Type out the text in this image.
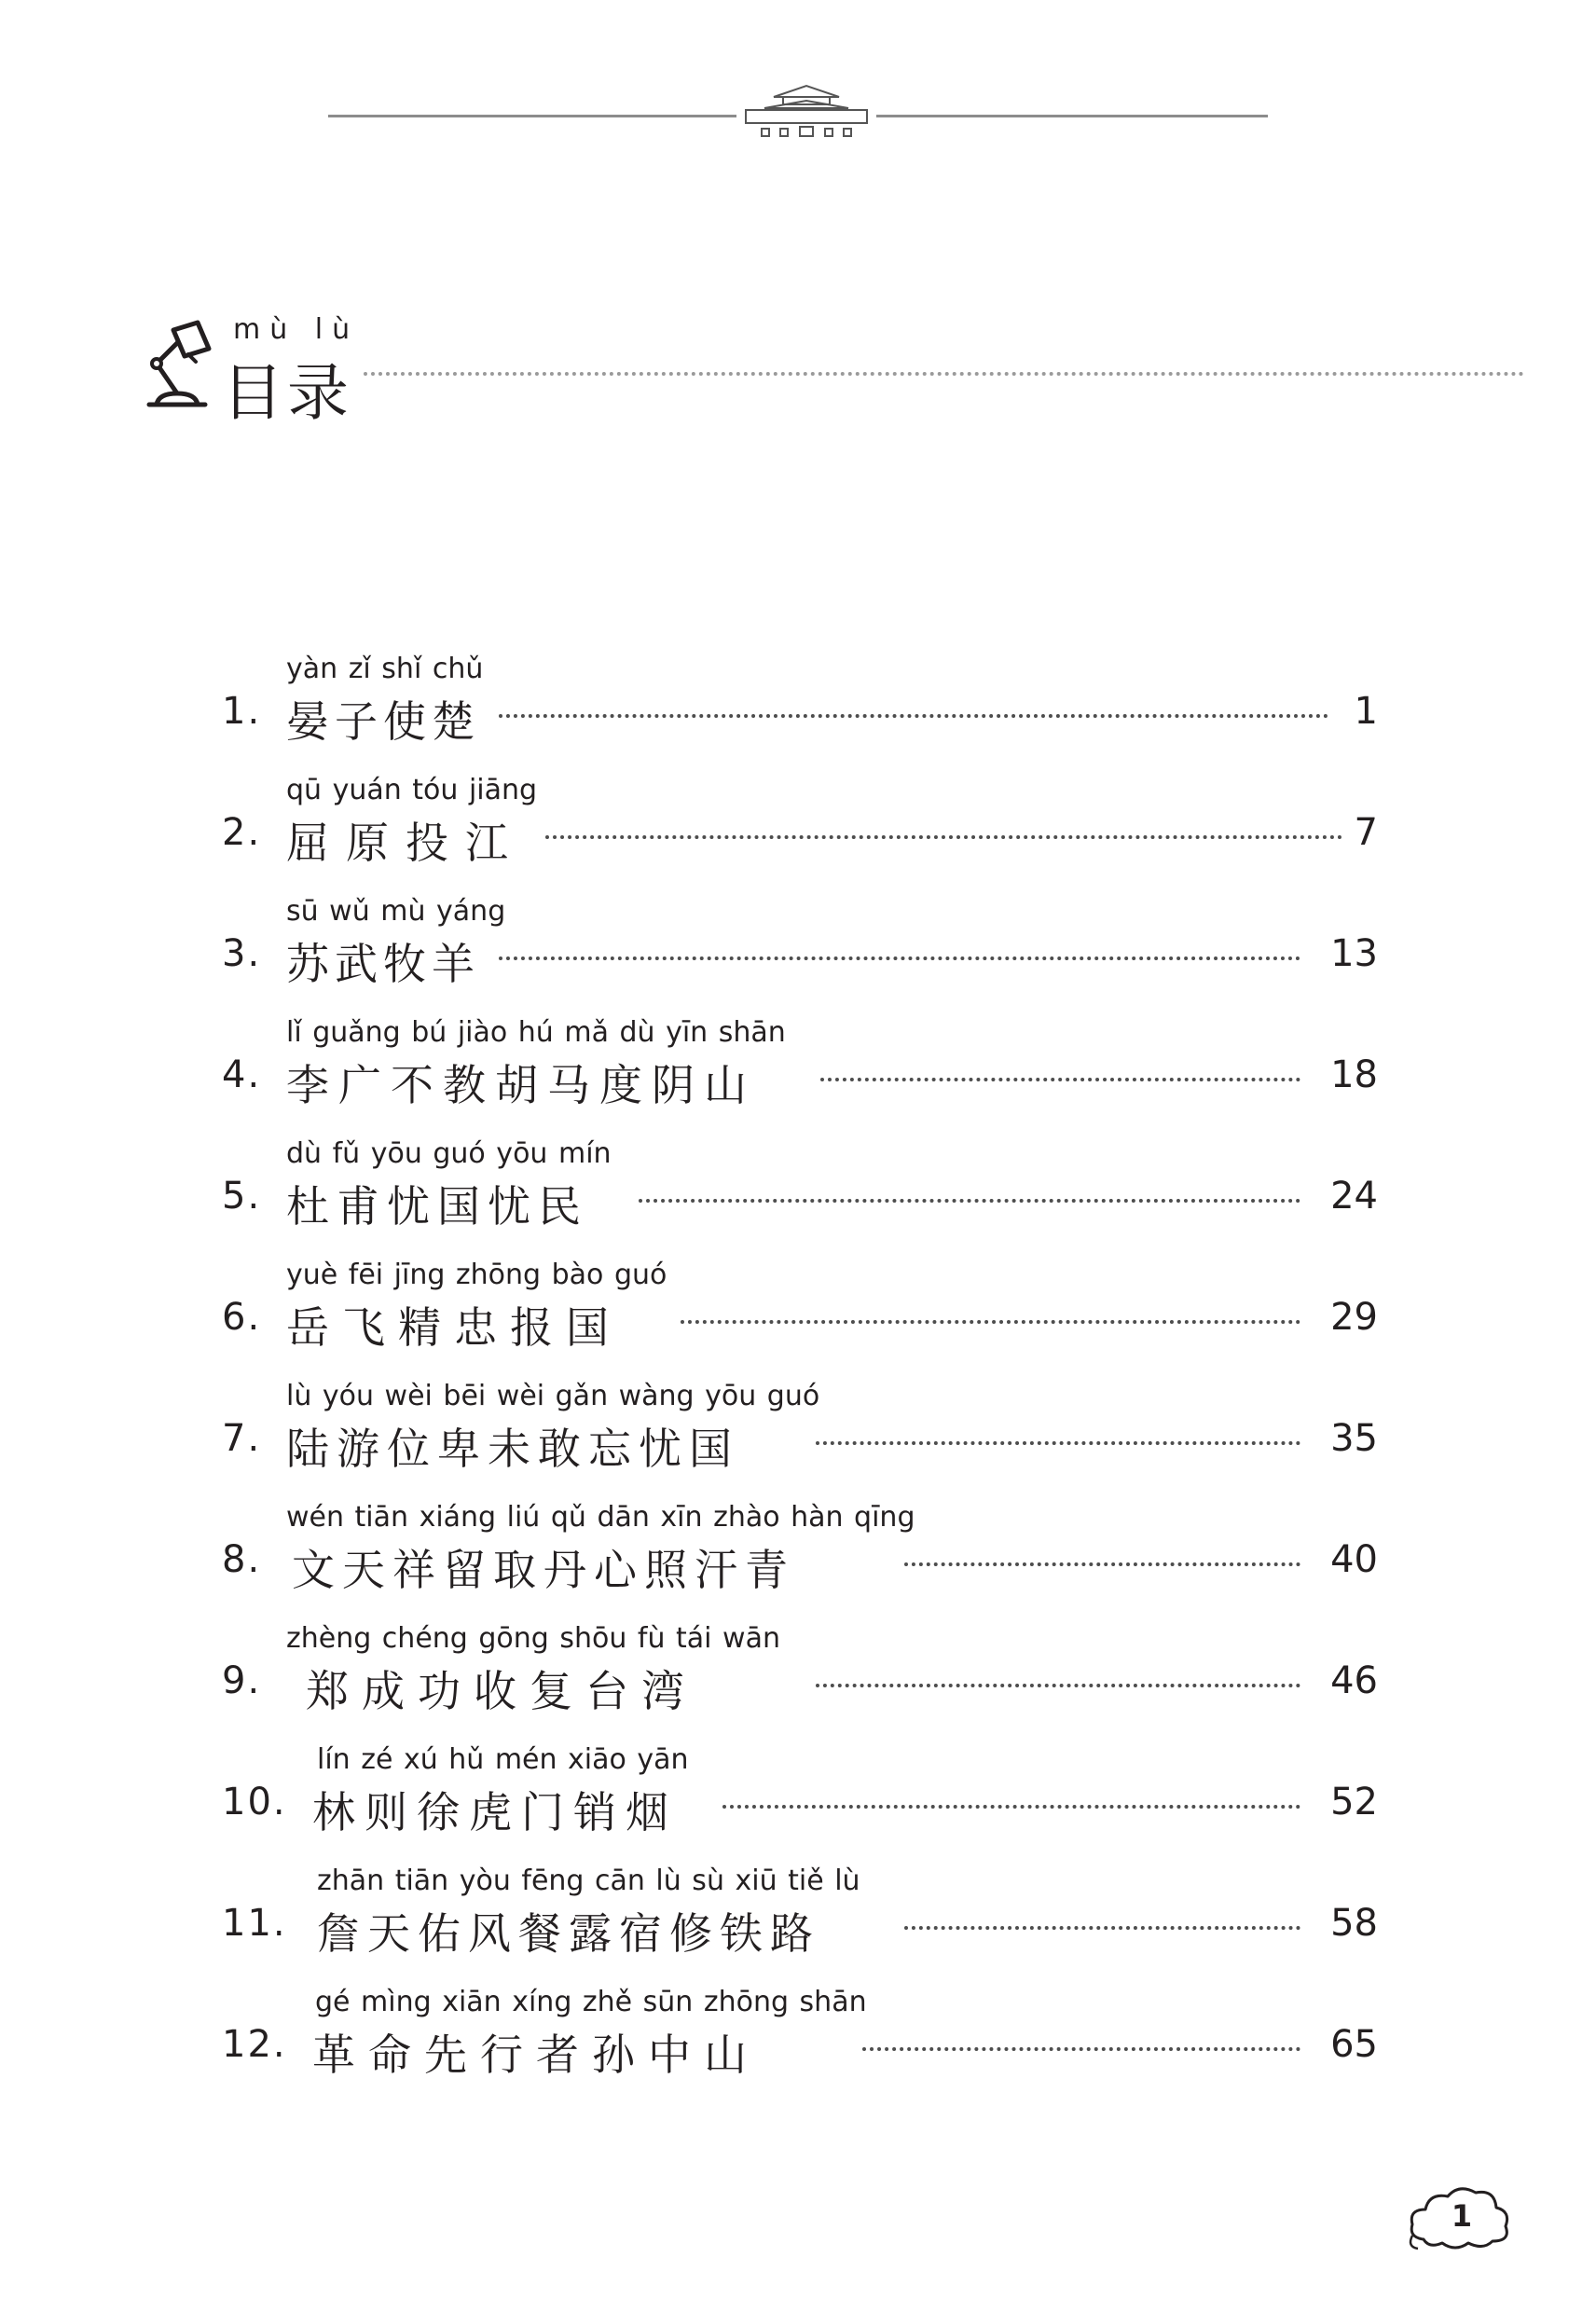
mù lù
目录
yàn zǐ shǐ chǔ
1. 晏子使楚	1
qū yuán tóu jiāng
2. 屈原投江	7
sū wǔ mù yáng
3. 苏武牧羊	13
lǐ guǎng bú jiào hú mǎ dù yīn shān
4. 李广不教胡马度阴山	18
dù fǔ yōu guó yōu mín
5. 杜甫忧国忧民	24
yuè fēi jīng zhōng bào guó
6. 岳飞精忠报国	29
lù yóu wèi bēi wèi gǎn wàng yōu guó
7. 陆游位卑未敢忘忧国	35
wén tiān xiáng liú qǔ dān xīn zhào hàn qīng
8. 文天祥留取丹心照汗青	40
zhèng chéng gōng shōu fù tái wān
9. 郑成功收复台湾	46
lín zé xú hǔ mén xiāo yān
10. 林则徐虎门销烟	52
zhān tiān yòu fēng cān lù sù xiū tiě lù
11. 詹天佑风餐露宿修铁路	58
gé mìng xiān xíng zhě sūn zhōng shān
12. 革命先行者孙中山	65
1
